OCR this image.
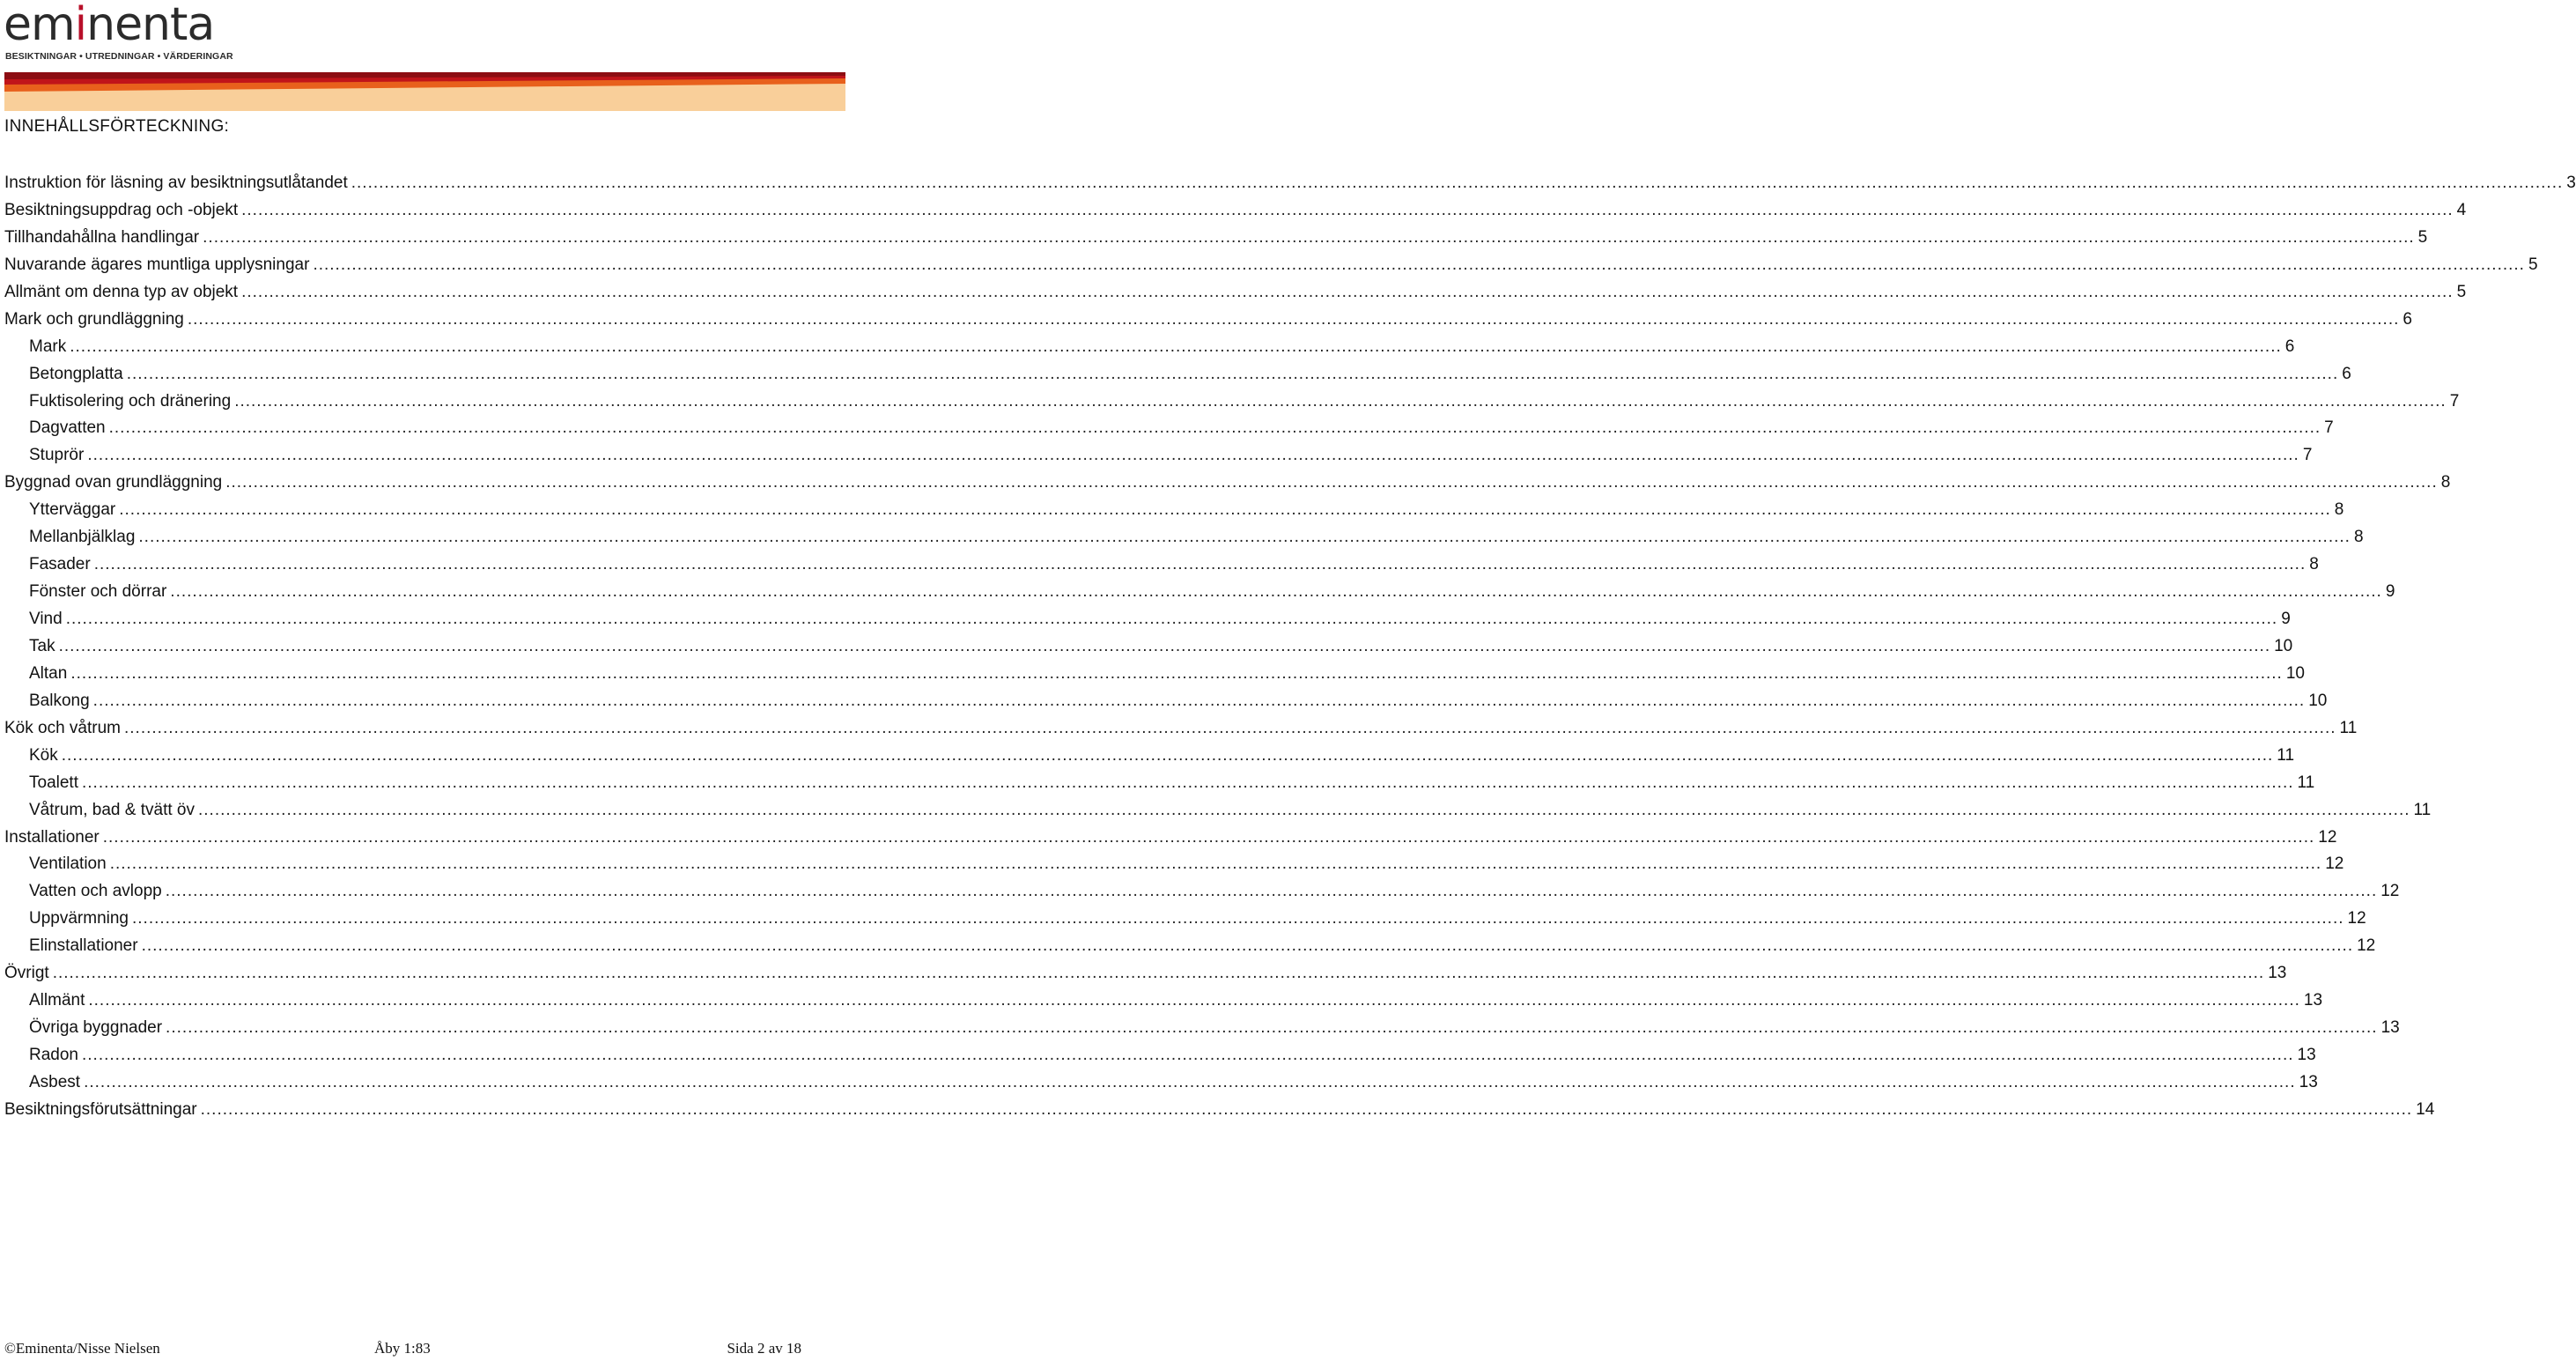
eminenta
BESIKTNINGAR • UTREDNINGAR • VÄRDERINGAR
INNEHÅLLSFÖRTECKNING:
Instruktion för läsning av besiktningsutlåtandet ................................................................................................................................................................................................................................................................................................................................................................................................................ 3
Besiktningsuppdrag och -objekt ................................................................................................................................................................................................................................................................................................................................................................................................................ 4
Tillhandahållna handlingar ................................................................................................................................................................................................................................................................................................................................................................................................................ 5
Nuvarande ägares muntliga upplysningar ................................................................................................................................................................................................................................................................................................................................................................................................................ 5
Allmänt om denna typ av objekt ................................................................................................................................................................................................................................................................................................................................................................................................................ 5
Mark och grundläggning ................................................................................................................................................................................................................................................................................................................................................................................................................ 6
Mark ................................................................................................................................................................................................................................................................................................................................................................................................................ 6
Betongplatta ................................................................................................................................................................................................................................................................................................................................................................................................................ 6
Fuktisolering och dränering ................................................................................................................................................................................................................................................................................................................................................................................................................ 7
Dagvatten ................................................................................................................................................................................................................................................................................................................................................................................................................ 7
Stuprör ................................................................................................................................................................................................................................................................................................................................................................................................................ 7
Byggnad ovan grundläggning ................................................................................................................................................................................................................................................................................................................................................................................................................ 8
Ytterväggar ................................................................................................................................................................................................................................................................................................................................................................................................................ 8
Mellanbjälklag ................................................................................................................................................................................................................................................................................................................................................................................................................ 8
Fasader ................................................................................................................................................................................................................................................................................................................................................................................................................ 8
Fönster och dörrar ................................................................................................................................................................................................................................................................................................................................................................................................................ 9
Vind ................................................................................................................................................................................................................................................................................................................................................................................................................ 9
Tak ................................................................................................................................................................................................................................................................................................................................................................................................................ 10
Altan ................................................................................................................................................................................................................................................................................................................................................................................................................ 10
Balkong ................................................................................................................................................................................................................................................................................................................................................................................................................ 10
Kök och våtrum ................................................................................................................................................................................................................................................................................................................................................................................................................ 11
Kök ................................................................................................................................................................................................................................................................................................................................................................................................................ 11
Toalett ................................................................................................................................................................................................................................................................................................................................................................................................................ 11
Våtrum, bad & tvätt öv ................................................................................................................................................................................................................................................................................................................................................................................................................ 11
Installationer ................................................................................................................................................................................................................................................................................................................................................................................................................ 12
Ventilation ................................................................................................................................................................................................................................................................................................................................................................................................................ 12
Vatten och avlopp ................................................................................................................................................................................................................................................................................................................................................................................................................ 12
Uppvärmning ................................................................................................................................................................................................................................................................................................................................................................................................................ 12
Elinstallationer ................................................................................................................................................................................................................................................................................................................................................................................................................ 12
Övrigt ................................................................................................................................................................................................................................................................................................................................................................................................................ 13
Allmänt ................................................................................................................................................................................................................................................................................................................................................................................................................ 13
Övriga byggnader ................................................................................................................................................................................................................................................................................................................................................................................................................ 13
Radon ................................................................................................................................................................................................................................................................................................................................................................................................................ 13
Asbest ................................................................................................................................................................................................................................................................................................................................................................................................................ 13
Besiktningsförutsättningar ................................................................................................................................................................................................................................................................................................................................................................................................................ 14
©Eminenta/Nisse Nielsen	Åby 1:83	Sida 2 av 18
